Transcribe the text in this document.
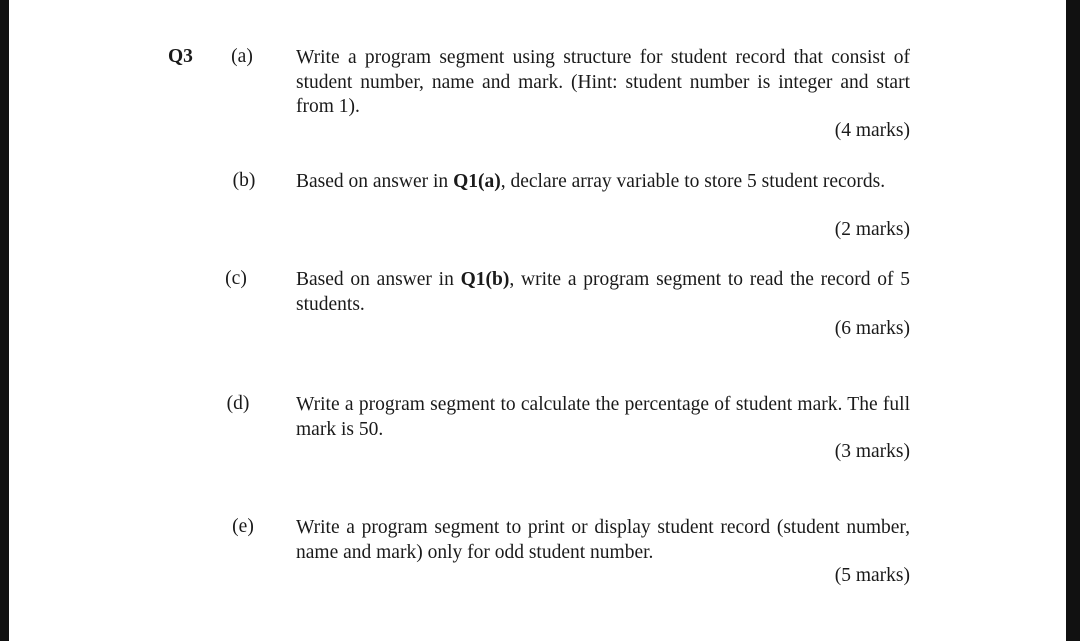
Q3	(a)	Write a program segment using structure for student record that consist of student number, name and mark. (Hint: student number is integer and start from 1).

(4 marks)
(b)	Based on answer in Q1(a), declare array variable to store 5 student records.

(2 marks)
(c)	Based on answer in Q1(b), write a program segment to read the record of 5 students.

(6 marks)
(d)	Write a program segment to calculate the percentage of student mark. The full mark is 50.

(3 marks)
(e)	Write a program segment to print or display student record (student number, name and mark) only for odd student number.

(5 marks)
